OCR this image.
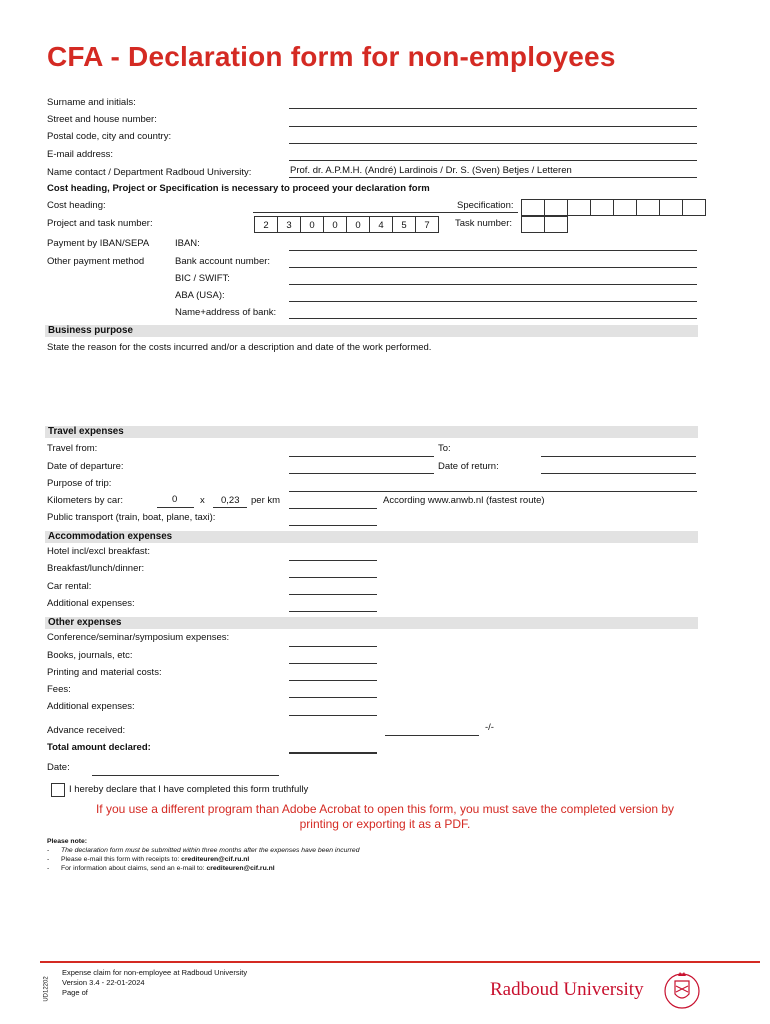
CFA - Declaration form for non-employees
Surname and initials:
Street and house number:
Postal code, city and country:
E-mail address:
Name contact / Department Radboud University:	Prof. dr. A.P.M.H. (André) Lardinois / Dr. S. (Sven) Betjes / Letteren
Cost heading, Project or Specification is necessary to proceed your declaration form
Cost heading:	Specification:
Project and task number:	2	3	0	0	0	4	5	7	Task number:
Payment by IBAN/SEPA	IBAN:
Other payment method	Bank account number:
BIC / SWIFT:
ABA (USA):
Name+address of bank:
Business purpose
State the reason for the costs incurred and/or a description and date of the work performed.
Travel expenses
Travel from:	To:
Date of departure:	Date of return:
Purpose of trip:
Kilometers by car:	0 x 0,23 per km	According www.anwb.nl (fastest route)
Public transport (train, boat, plane, taxi):
Accommodation expenses
Hotel incl/excl breakfast:
Breakfast/lunch/dinner:
Car rental:
Additional expenses:
Other expenses
Conference/seminar/symposium expenses:
Books, journals, etc:
Printing and material costs:
Fees:
Additional expenses:
Advance received:	-/-
Total amount declared:
Date:
I hereby declare that I have completed this form truthfully
If you use a different program than Adobe Acrobat to open this form, you must save the completed version by
printing or exporting it as a PDF.
Please note:
- The declaration form must be submitted within three months after the expenses have been incurred
- Please e-mail this form with receipts to: crediteuren@cif.ru.nl
- For information about claims, send an e-mail to: crediteuren@cif.ru.nl
UD12202
Expense claim for non-employee at Radboud University
Version 3.4 - 22-01-2024
Page of	Radboud University
